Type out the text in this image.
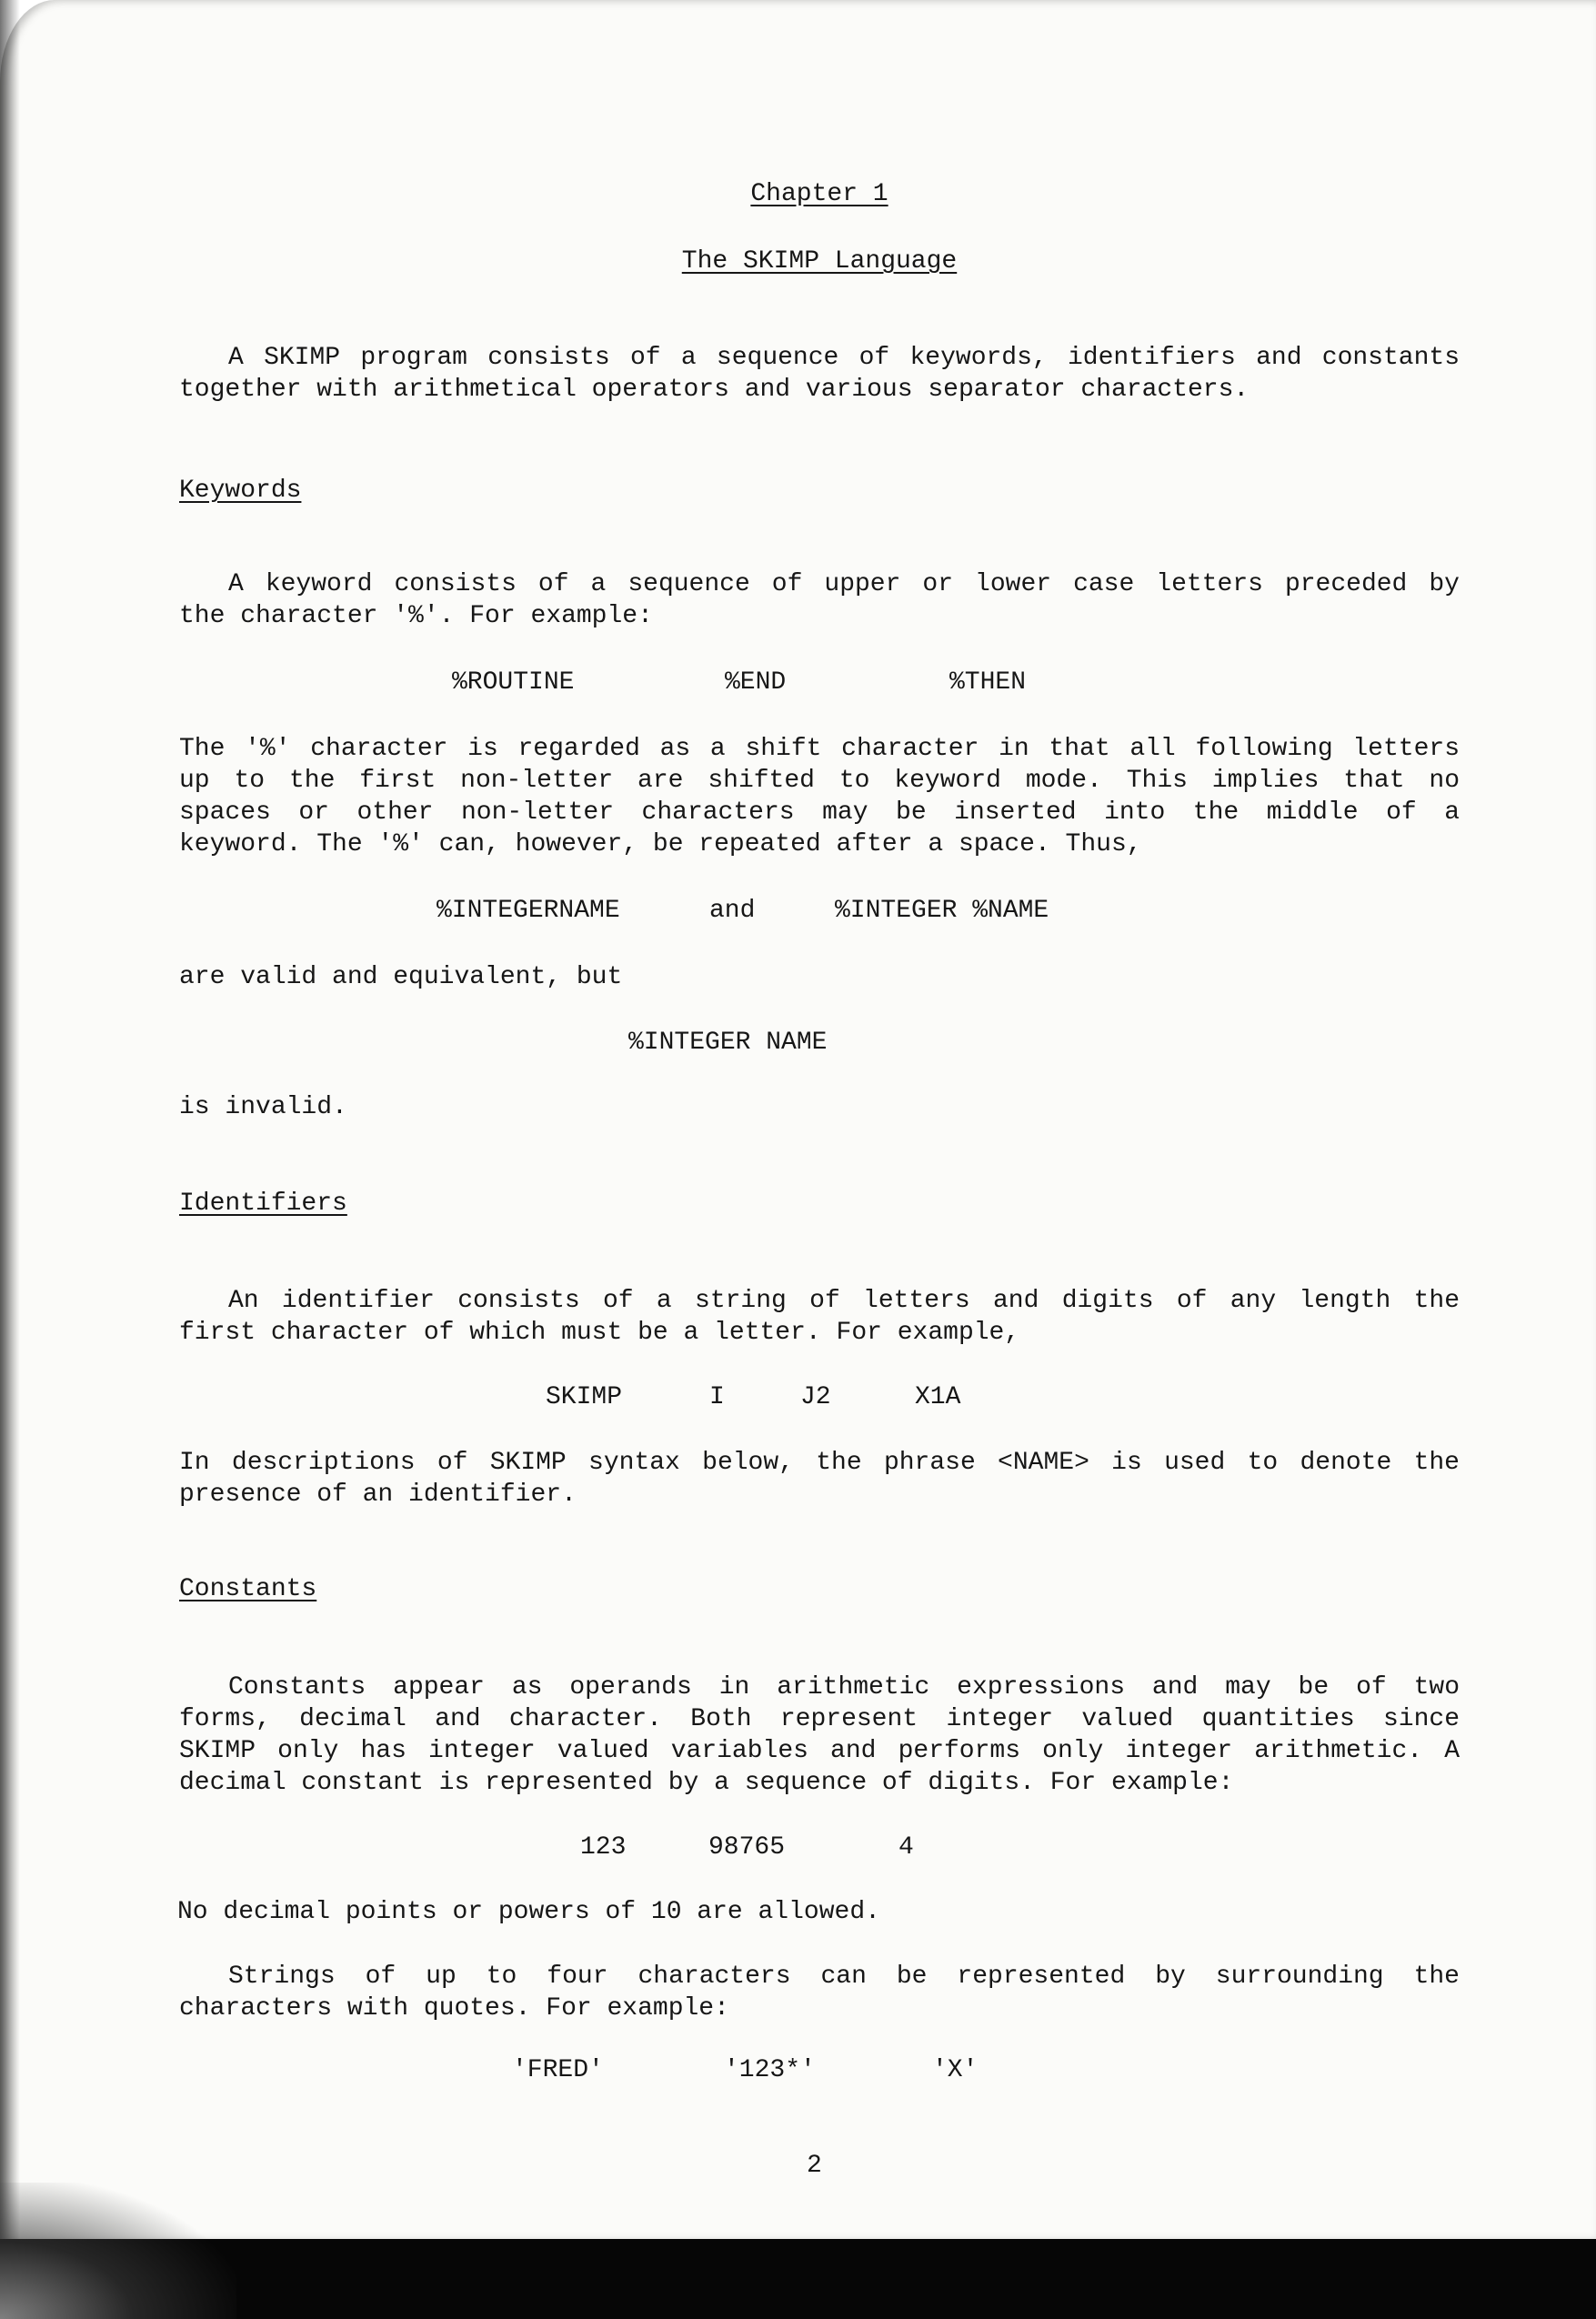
Chapter 1
The SKIMP Language
A SKIMP program consists of a sequence of keywords, identifiers and constants
together with arithmetical operators and various separator characters.
Keywords
A keyword consists of a sequence of upper or lower case letters preceded by
the character '%'. For example:
%ROUTINE	%END	%THEN
The '%' character is regarded as a shift character in that all following letters
up to the first non-letter are shifted to keyword mode. This implies that no
spaces or other non-letter characters may be inserted into the middle of a
keyword. The '%' can, however, be repeated after a space. Thus,
%INTEGERNAME	and	%INTEGER %NAME
are valid and equivalent, but
%INTEGER NAME
is invalid.
Identifiers
An identifier consists of a string of letters and digits of any length the
first character of which must be a letter. For example,
SKIMP	I	J2	X1A
In descriptions of SKIMP syntax below, the phrase <NAME> is used to denote the
presence of an identifier.
Constants
Constants appear as operands in arithmetic expressions and may be of two
forms, decimal and character. Both represent integer valued quantities since
SKIMP only has integer valued variables and performs only integer arithmetic. A
decimal constant is represented by a sequence of digits. For example:
123	98765	4
No decimal points or powers of 10 are allowed.
Strings of up to four characters can be represented by surrounding the
characters with quotes. For example:
'FRED'	'123*'	'X'
2
